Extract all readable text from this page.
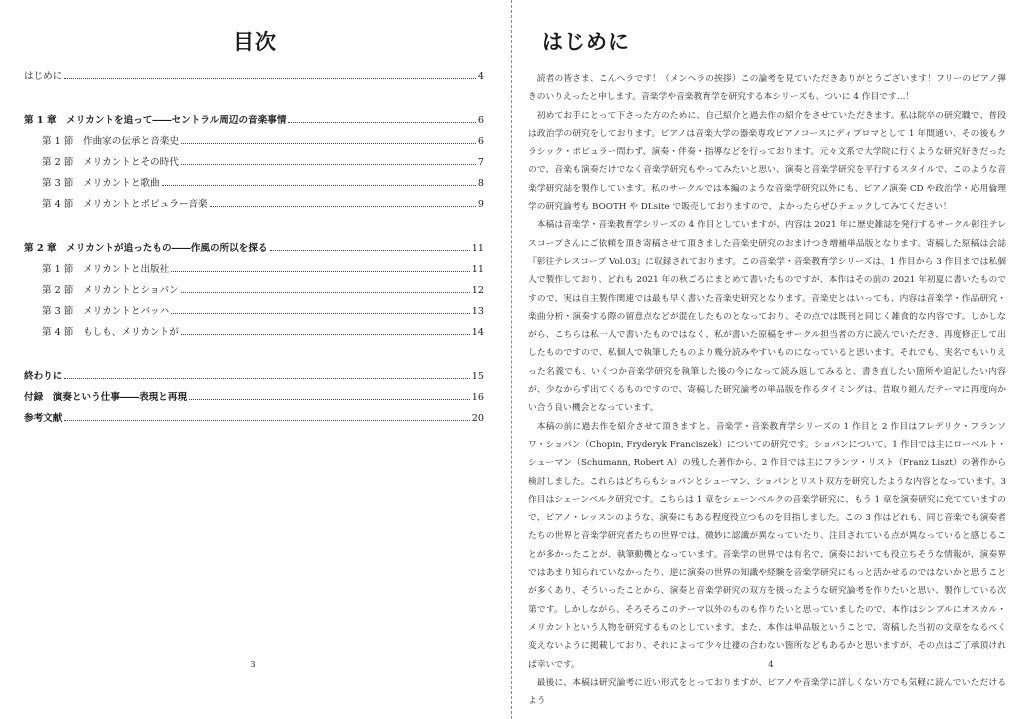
目次
はじめに	4
第 1 章　メリカントを追って――セントラル周辺の音楽事情	6
第 1 節　作曲家の伝承と音楽史	6
第 2 節　メリカントとその時代	7
第 3 節　メリカントと歌曲	8
第 4 節　メリカントとポピュラー音楽	9
第 2 章　メリカントが追ったもの――作風の所以を探る	11
第 1 節　メリカントと出版社	11
第 2 節　メリカントとショパン	12
第 3 節　メリカントとバッハ	13
第 4 節　もしも、メリカントが	14
終わりに	15
付録　演奏という仕事――表現と再現	16
参考文献	20
3
はじめに

読者の皆さま、こんへラです！（メンヘラの挨拶）この論考を見ていただきありがとうございます！フリーのピアノ弾きのいりえったと申します。音楽学や音楽教育学を研究する本シリーズも、ついに 4 作目です…！

初めてお手にとって下さった方のために、自己紹介と過去作の紹介をさせていただきます。私は院卒の研究職で、普段は政治学の研究をしております。ピアノは音楽大学の器楽専攻ピアノコースにディプロマとして 1 年間通い、その後もクラシック・ポピュラー問わず、演奏・伴奏・指導などを行っております。元々文系で大学院に行くような研究好きだったので、音楽も演奏だけでなく音楽学研究もやってみたいと思い、演奏と音楽学研究を平行するスタイルで、このような音楽学研究誌を製作しています。私のサークルでは本編のような音楽学研究以外にも、ピアノ演奏 CD や政治学・応用倫理学の研究論考も BOOTH や DLsite で販売しておりますので、よかったらぜひチェックしてみてください！

本稿は音楽学・音楽教育学シリーズの 4 作目としていますが、内容は 2021 年に歴史雑誌を発行するサークル彰往テレスコープさんにご依頼を頂き寄稿させて頂きました音楽史研究のおまけつき増補単品版となります。寄稿した原稿は会誌『彰往テレスコープ Vol.03』に収録されております。この音楽学・音楽教育学シリーズは、1 作目から 3 作目までは私個人で製作しており、どれも 2021 年の秋ごろにまとめて書いたものですが、本作はその前の 2021 年初夏に書いたものですので、実は自主製作関連では最も早く書いた音楽史研究となります。音楽史とはいっても、内容は音楽学・作品研究・楽曲分析・演奏する際の留意点などが混在したものとなっており、その点では既刊と同じく雑食的な内容です。しかしながら、こちらは私一人で書いたものではなく、私が書いた原稿をサークル担当者の方に読んでいただき、再度修正して出したものですので、私個人で執筆したものより幾分読みやすいものになっていると思います。それでも、実名でもいりえった名義でも、いくつか音楽学研究を執筆した後の今になって読み返してみると、書き直したい箇所や追記したい内容が、少なからず出てくるものですので、寄稿した研究論考の単品版を作るタイミングは、昔取り組んだテーマに再度向かい合う良い機会となっています。

本稿の前に過去作を紹介させて頂きますと、音楽学・音楽教育学シリーズの 1 作目と 2 作目はフレデリク・フランソワ・ショパン（Chopin, Fryderyk Franciszek）についての研究です。ショパンについて、1 作目では主にローベルト・シューマン（Schumann, Robert A）の残した著作から、2 作目では主にフランツ・リスト（Franz Liszt）の著作から検討しました。これらはどちらもショパンとシューマン、ショパンとリスト双方を研究したような内容となっています。3 作目はシェーンベルク研究です。こちらは 1 章をシェーンベルクの音楽学研究に、もう 1 章を演奏研究に充てていますので、ピアノ・レッスンのような、演奏にもある程度役立つものを目指しました。この 3 作はどれも、同じ音楽でも演奏者たちの世界と音楽学研究者たちの世界では、微妙に認識が異なっていたり、注目されている点が異なっていると感じることが多かったことが、執筆動機となっています。音楽学の世界では有名で、演奏においても役立ちそうな情報が、演奏界ではあまり知られていなかったり、逆に演奏の世界の知識や経験を音楽学研究にもっと活かせるのではないかと思うことが多くあり、そういったことから、演奏と音楽学研究の双方を扱ったような研究論考を作りたいと思い、製作している次第です。しかしながら、そろそろこのテーマ以外のものも作りたいと思っていましたので、本作はシンプルにオスカル・メリカントという人物を研究するものとしています。また、本作は単品版ということで、寄稿した当初の文章をなるべく変えないように掲載しており、それによって少々辻褄の合わない箇所などもあるかと思いますが、その点はご了承頂ければ幸いです。

最後に、本稿は研究論考に近い形式をとっておりますが、ピアノや音楽学に詳しくない方でも気軽に読んでいただけるよう

4
